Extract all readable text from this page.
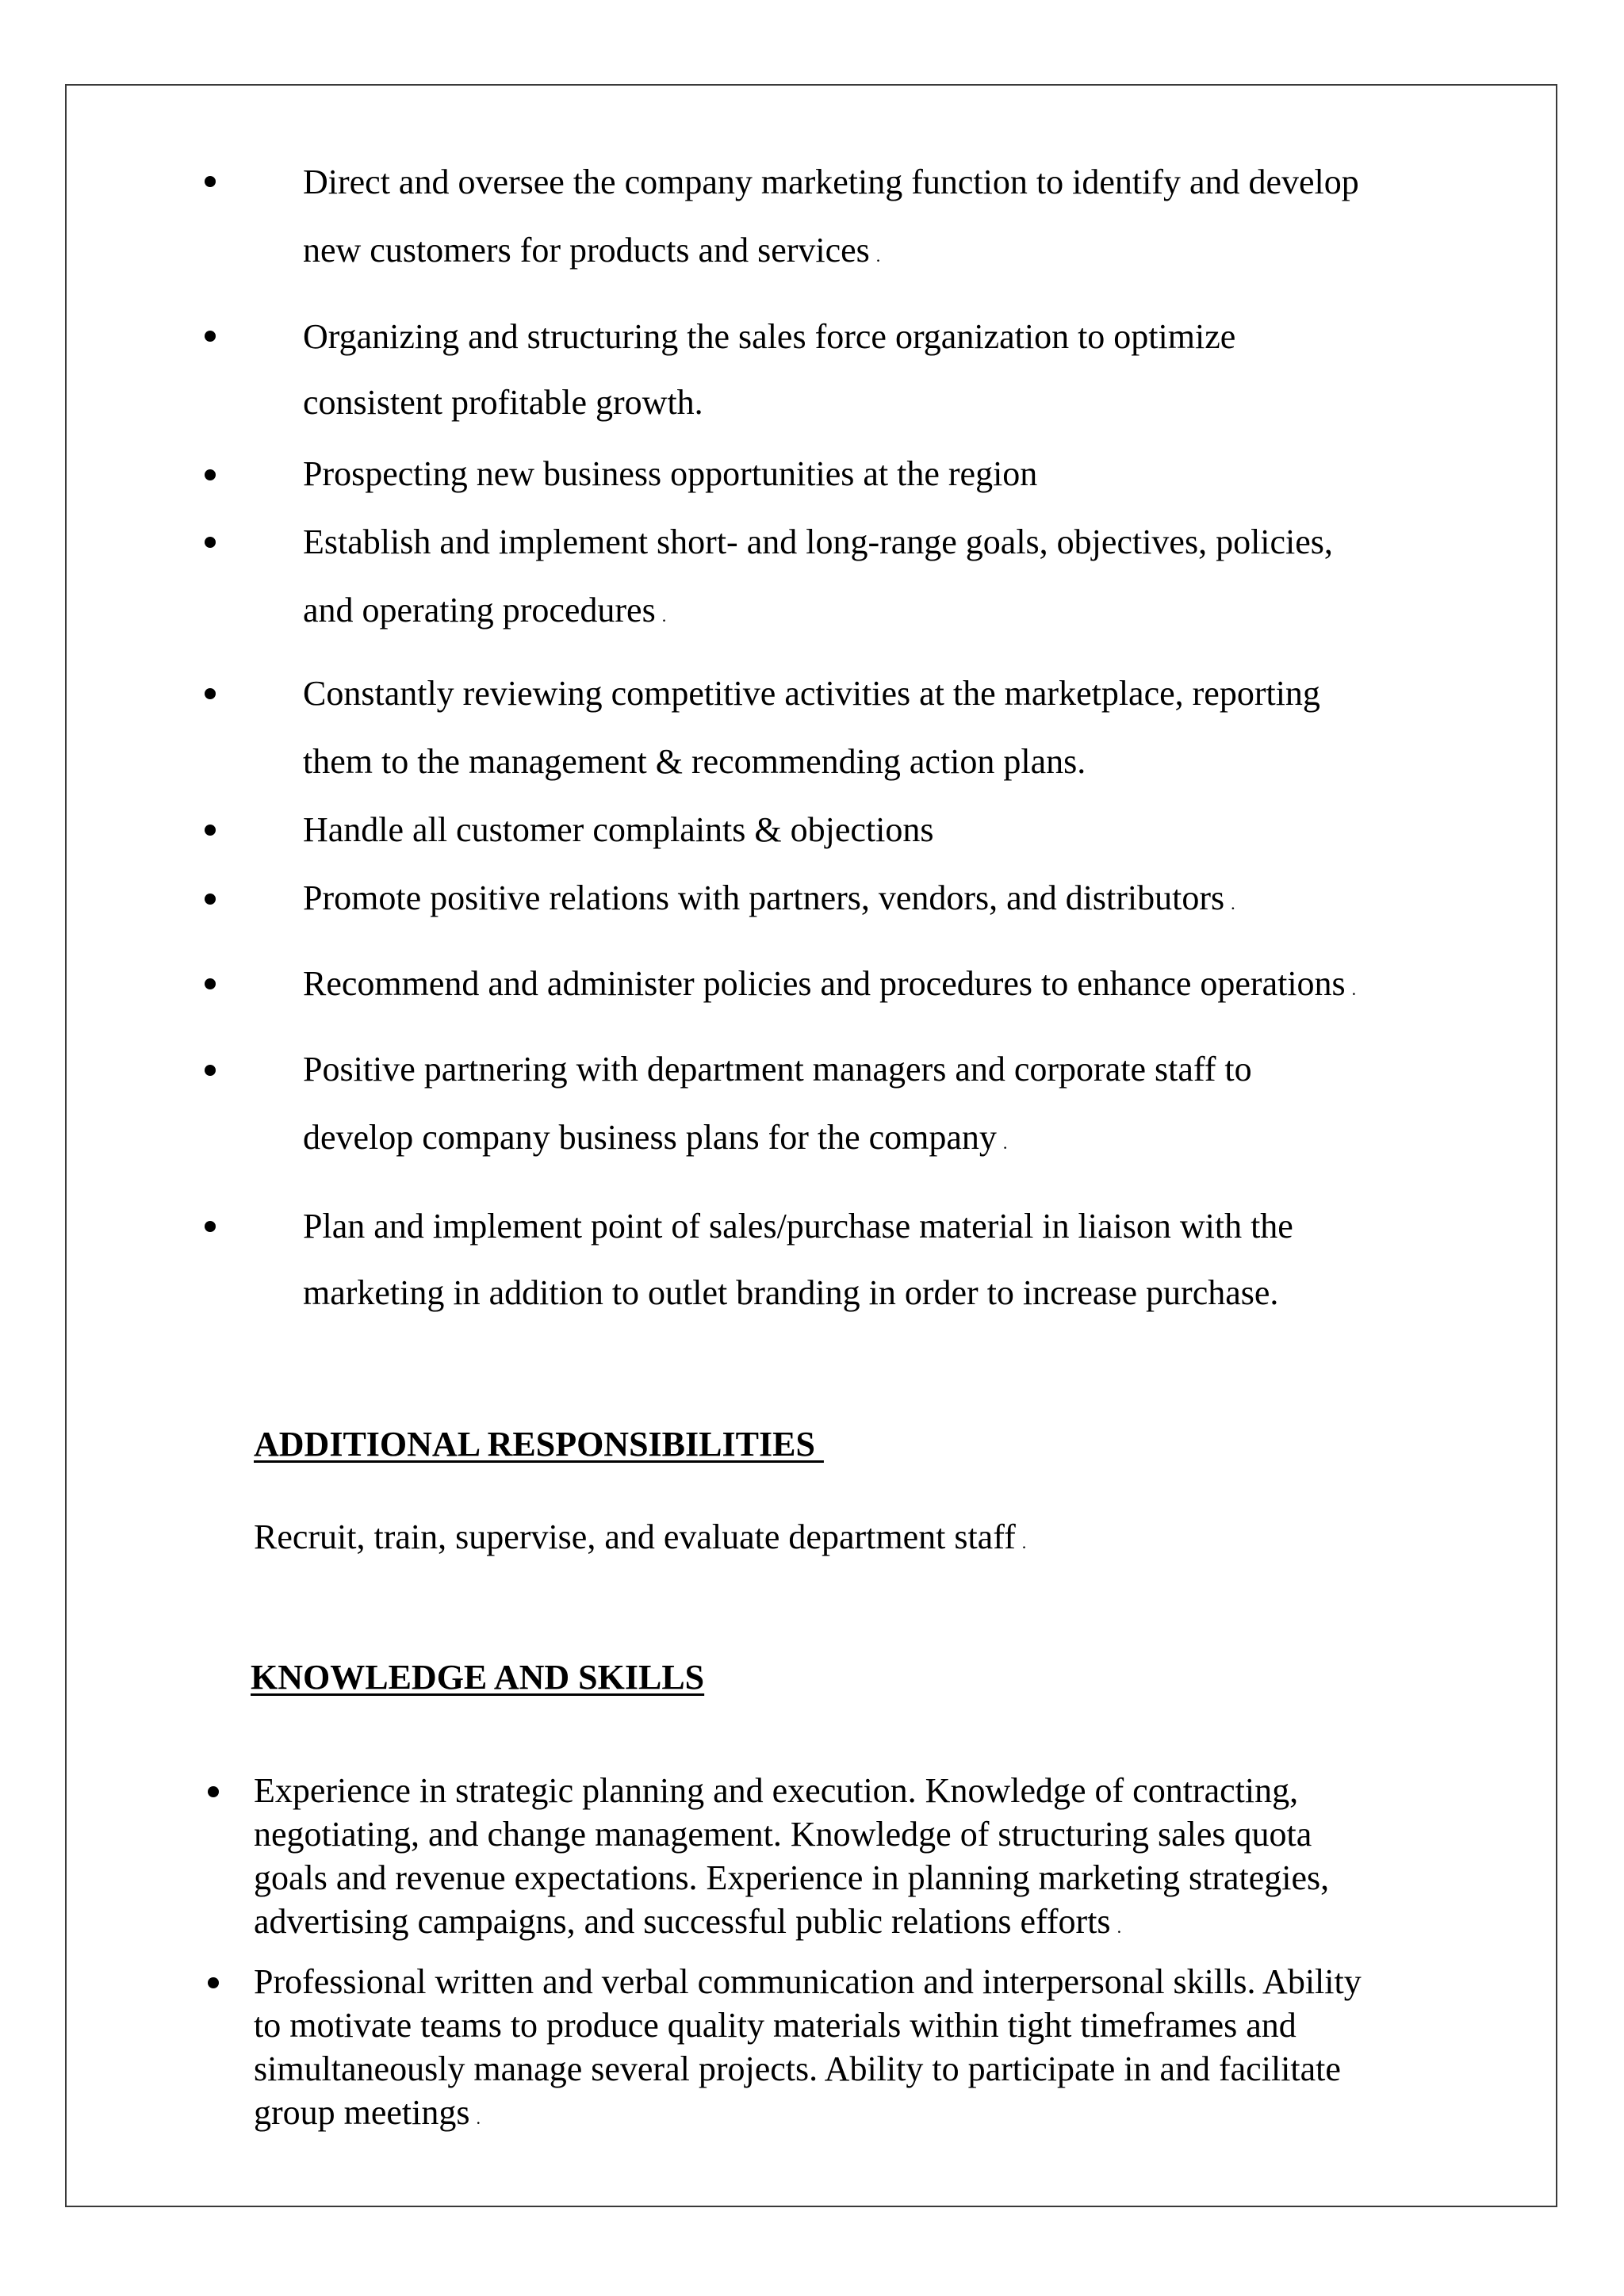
Direct and oversee the company marketing function to identify and develop
new customers for products and services .
Organizing and structuring the sales force organization to optimize
consistent profitable growth.
Prospecting new business opportunities at the region
Establish and implement short- and long-range goals, objectives, policies,
and operating procedures .
Constantly reviewing competitive activities at the marketplace, reporting
them to the management & recommending action plans.
Handle all customer complaints & objections
Promote positive relations with partners, vendors, and distributors .
Recommend and administer policies and procedures to enhance operations .
Positive partnering with department managers and corporate staff to
develop company business plans for the company .
Plan and implement point of sales/purchase material in liaison with the
marketing in addition to outlet branding in order to increase purchase.
ADDITIONAL RESPONSIBILITIES
Recruit, train, supervise, and evaluate department staff .
KNOWLEDGE AND SKILLS
Experience in strategic planning and execution. Knowledge of contracting,
negotiating, and change management. Knowledge of structuring sales quota
goals and revenue expectations. Experience in planning marketing strategies,
advertising campaigns, and successful public relations efforts .
Professional written and verbal communication and interpersonal skills. Ability
to motivate teams to produce quality materials within tight timeframes and
simultaneously manage several projects. Ability to participate in and facilitate
group meetings .
